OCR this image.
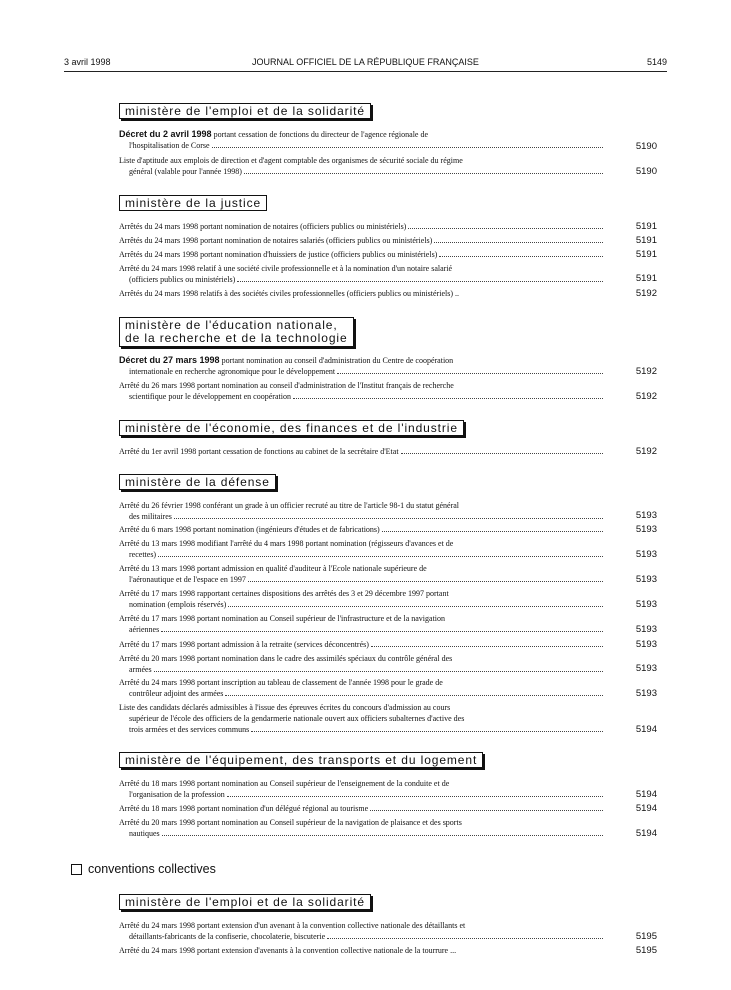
3 avril 1998	JOURNAL OFFICIEL DE LA RÉPUBLIQUE FRANÇAISE	5149
ministère de l'emploi et de la solidarité
Décret du 2 avril 1998 portant cessation de fonctions du directeur de l'agence régionale de
l'hospitalisation de Corse	5190
Liste d'aptitude aux emplois de direction et d'agent comptable des organismes de sécurité sociale du régime
général (valable pour l'année 1998)	5190
ministère de la justice
Arrêtés du 24 mars 1998 portant nomination de notaires (officiers publics ou ministériels)	5191
Arrêtés du 24 mars 1998 portant nomination de notaires salariés (officiers publics ou ministériels)	5191
Arrêtés du 24 mars 1998 portant nomination d'huissiers de justice (officiers publics ou ministériels)	5191
Arrêté du 24 mars 1998 relatif à une société civile professionnelle et à la nomination d'un notaire salarié
(officiers publics ou ministériels)	5191
Arrêtés du 24 mars 1998 relatifs à des sociétés civiles professionnelles (officiers publics ou ministériels) ..	5192
ministère de l'éducation nationale,
de la recherche et de la technologie
Décret du 27 mars 1998 portant nomination au conseil d'administration du Centre de coopération
internationale en recherche agronomique pour le développement	5192
Arrêté du 26 mars 1998 portant nomination au conseil d'administration de l'Institut français de recherche
scientifique pour le développement en coopération	5192
ministère de l'économie, des finances et de l'industrie
Arrêté du 1er avril 1998 portant cessation de fonctions au cabinet de la secrétaire d'Etat	5192
ministère de la défense
Arrêté du 26 février 1998 conférant un grade à un officier recruté au titre de l'article 98-1 du statut général
des militaires	5193
Arrêté du 6 mars 1998 portant nomination (ingénieurs d'études et de fabrications)	5193
Arrêté du 13 mars 1998 modifiant l'arrêté du 4 mars 1998 portant nomination (régisseurs d'avances et de
recettes)	5193
Arrêté du 13 mars 1998 portant admission en qualité d'auditeur à l'Ecole nationale supérieure de
l'aéronautique et de l'espace en 1997	5193
Arrêté du 17 mars 1998 rapportant certaines dispositions des arrêtés des 3 et 29 décembre 1997 portant
nomination (emplois réservés)	5193
Arrêté du 17 mars 1998 portant nomination au Conseil supérieur de l'infrastructure et de la navigation
aériennes	5193
Arrêté du 17 mars 1998 portant admission à la retraite (services déconcentrés)	5193
Arrêté du 20 mars 1998 portant nomination dans le cadre des assimilés spéciaux du contrôle général des
armées	5193
Arrêté du 24 mars 1998 portant inscription au tableau de classement de l'année 1998 pour le grade de
contrôleur adjoint des armées	5193
Liste des candidats déclarés admissibles à l'issue des épreuves écrites du concours d'admission au cours
supérieur de l'école des officiers de la gendarmerie nationale ouvert aux officiers subalternes d'active des
trois armées et des services communs	5194
ministère de l'équipement, des transports et du logement
Arrêté du 18 mars 1998 portant nomination au Conseil supérieur de l'enseignement de la conduite et de
l'organisation de la profession	5194
Arrêté du 18 mars 1998 portant nomination d'un délégué régional au tourisme	5194
Arrêté du 20 mars 1998 portant nomination au Conseil supérieur de la navigation de plaisance et des sports
nautiques	5194
conventions collectives
ministère de l'emploi et de la solidarité
Arrêté du 24 mars 1998 portant extension d'un avenant à la convention collective nationale des détaillants et
détaillants-fabricants de la confiserie, chocolaterie, biscuterie	5195
Arrêté du 24 mars 1998 portant extension d'avenants à la convention collective nationale de la tourrure ...	5195
